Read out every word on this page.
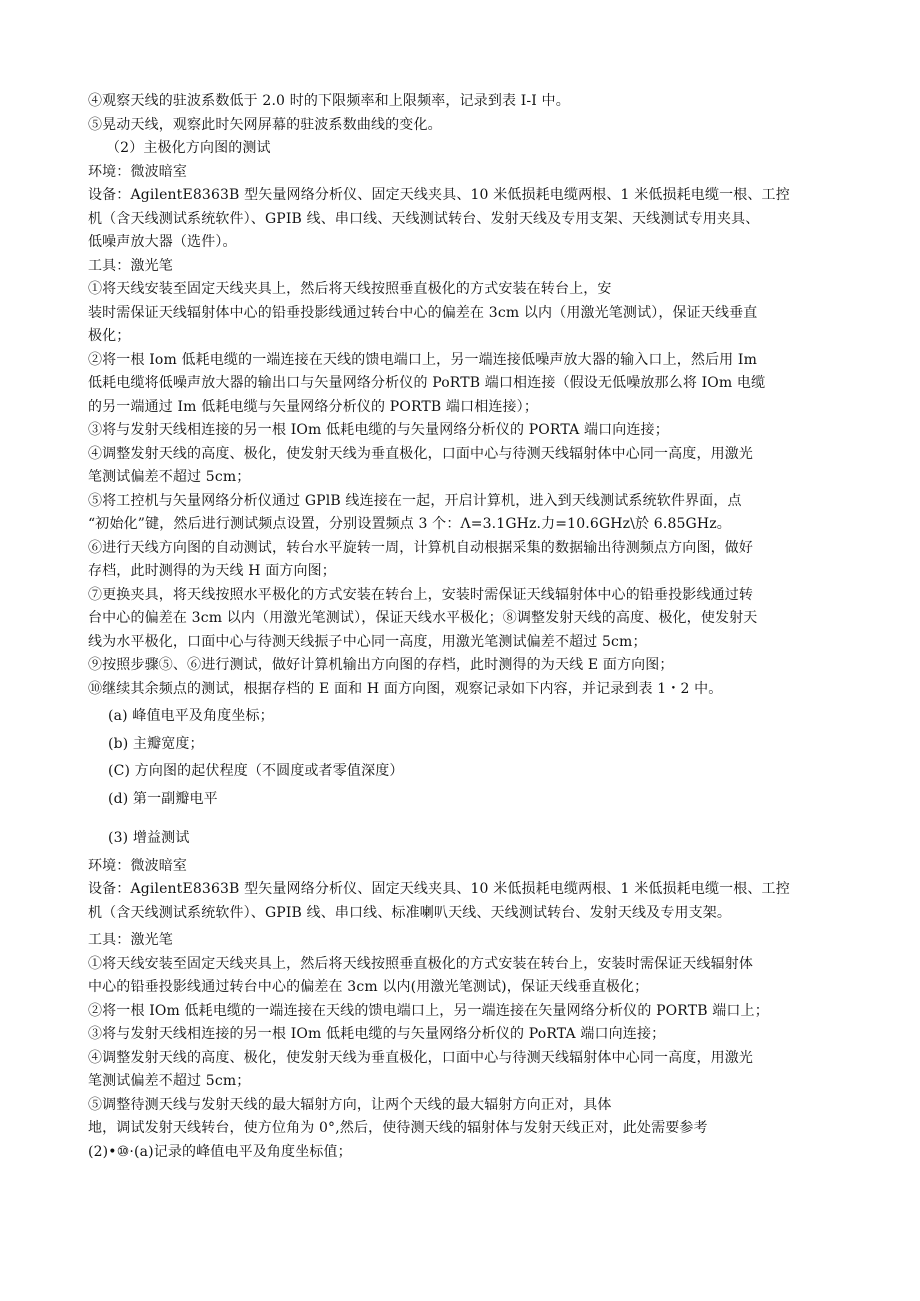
④观察天线的驻波系数低于 2.0 时的下限频率和上限频率，记录到表 I-I 中。
⑤晃动天线，观察此时矢网屏幕的驻波系数曲线的变化。
（2）主极化方向图的测试
环境：微波暗室
设备：AgilentE8363B 型矢量网络分析仪、固定天线夹具、10 米低损耗电缆两根、1 米低损耗电缆一根、工控
机（含天线测试系统软件）、GPIB 线、串口线、天线测试转台、发射天线及专用支架、天线测试专用夹具、
低噪声放大器（选件）。
工具：激光笔
①将天线安装至固定天线夹具上，然后将天线按照垂直极化的方式安装在转台上，安
装时需保证天线辐射体中心的铅垂投影线通过转台中心的偏差在 3cm 以内（用激光笔测试），保证天线垂直
极化；
②将一根 Iom 低耗电缆的一端连接在天线的馈电端口上，另一端连接低噪声放大器的输入口上，然后用 Im
低耗电缆将低噪声放大器的输出口与矢量网络分析仪的 PoRTB 端口相连接（假设无低噪放那么将 IOm 电缆
的另一端通过 Im 低耗电缆与矢量网络分析仪的 PORTB 端口相连接）；
③将与发射天线相连接的另一根 IOm 低耗电缆的与矢量网络分析仪的 PORTA 端口向连接；
④调整发射天线的高度、极化，使发射天线为垂直极化，口面中心与待测天线辐射体中心同一高度，用激光
笔测试偏差不超过 5cm；
⑤将工控机与矢量网络分析仪通过 GPlB 线连接在一起，开启计算机，进入到天线测试系统软件界面，点
“初始化”键，然后进行测试频点设置，分别设置频点 3 个：Λ=3.1GHz.力=10.6GHz\於 6.85GHz。
⑥进行天线方向图的自动测试，转台水平旋转一周，计算机自动根据采集的数据输出待测频点方向图，做好
存档，此时测得的为天线 H 面方向图；
⑦更换夹具，将天线按照水平极化的方式安装在转台上，安装时需保证天线辐射体中心的铅垂投影线通过转
台中心的偏差在 3cm 以内（用激光笔测试），保证天线水平极化；⑧调整发射天线的高度、极化，使发射天
线为水平极化，口面中心与待测天线振子中心同一高度，用激光笔测试偏差不超过 5cm；
⑨按照步骤⑤、⑥进行测试，做好计算机输出方向图的存档，此时测得的为天线 E 面方向图；
⑩继续其余频点的测试，根据存档的 E 面和 H 面方向图，观察记录如下内容，并记录到表 1・2 中。
(a) 峰值电平及角度坐标；
(b) 主瓣宽度；
(C) 方向图的起伏程度（不圆度或者零值深度）
(d) 第一副瓣电平
(3) 增益测试
环境：微波暗室
设备：AgilentE8363B 型矢量网络分析仪、固定天线夹具、10 米低损耗电缆两根、1 米低损耗电缆一根、工控
机（含天线测试系统软件）、GPIB 线、串口线、标准喇叭天线、天线测试转台、发射天线及专用支架。
工具：激光笔
①将天线安装至固定天线夹具上，然后将天线按照垂直极化的方式安装在转台上，安装时需保证天线辐射体
中心的铅垂投影线通过转台中心的偏差在 3cm 以内(用激光笔测试)，保证天线垂直极化；
②将一根 IOm 低耗电缆的一端连接在天线的馈电端口上，另一端连接在矢量网络分析仪的 PORTB 端口上；
③将与发射天线相连接的另一根 IOm 低耗电缆的与矢量网络分析仪的 PoRTA 端口向连接；
④调整发射天线的高度、极化，使发射天线为垂直极化，口面中心与待测天线辐射体中心同一高度，用激光
笔测试偏差不超过 5cm；
⑤调整待测天线与发射天线的最大辐射方向，让两个天线的最大辐射方向正对，具体
地，调试发射天线转台，使方位角为 0°,然后，使待测天线的辐射体与发射天线正对，此处需要参考
(2)•⑩·(a)记录的峰值电平及角度坐标值；
